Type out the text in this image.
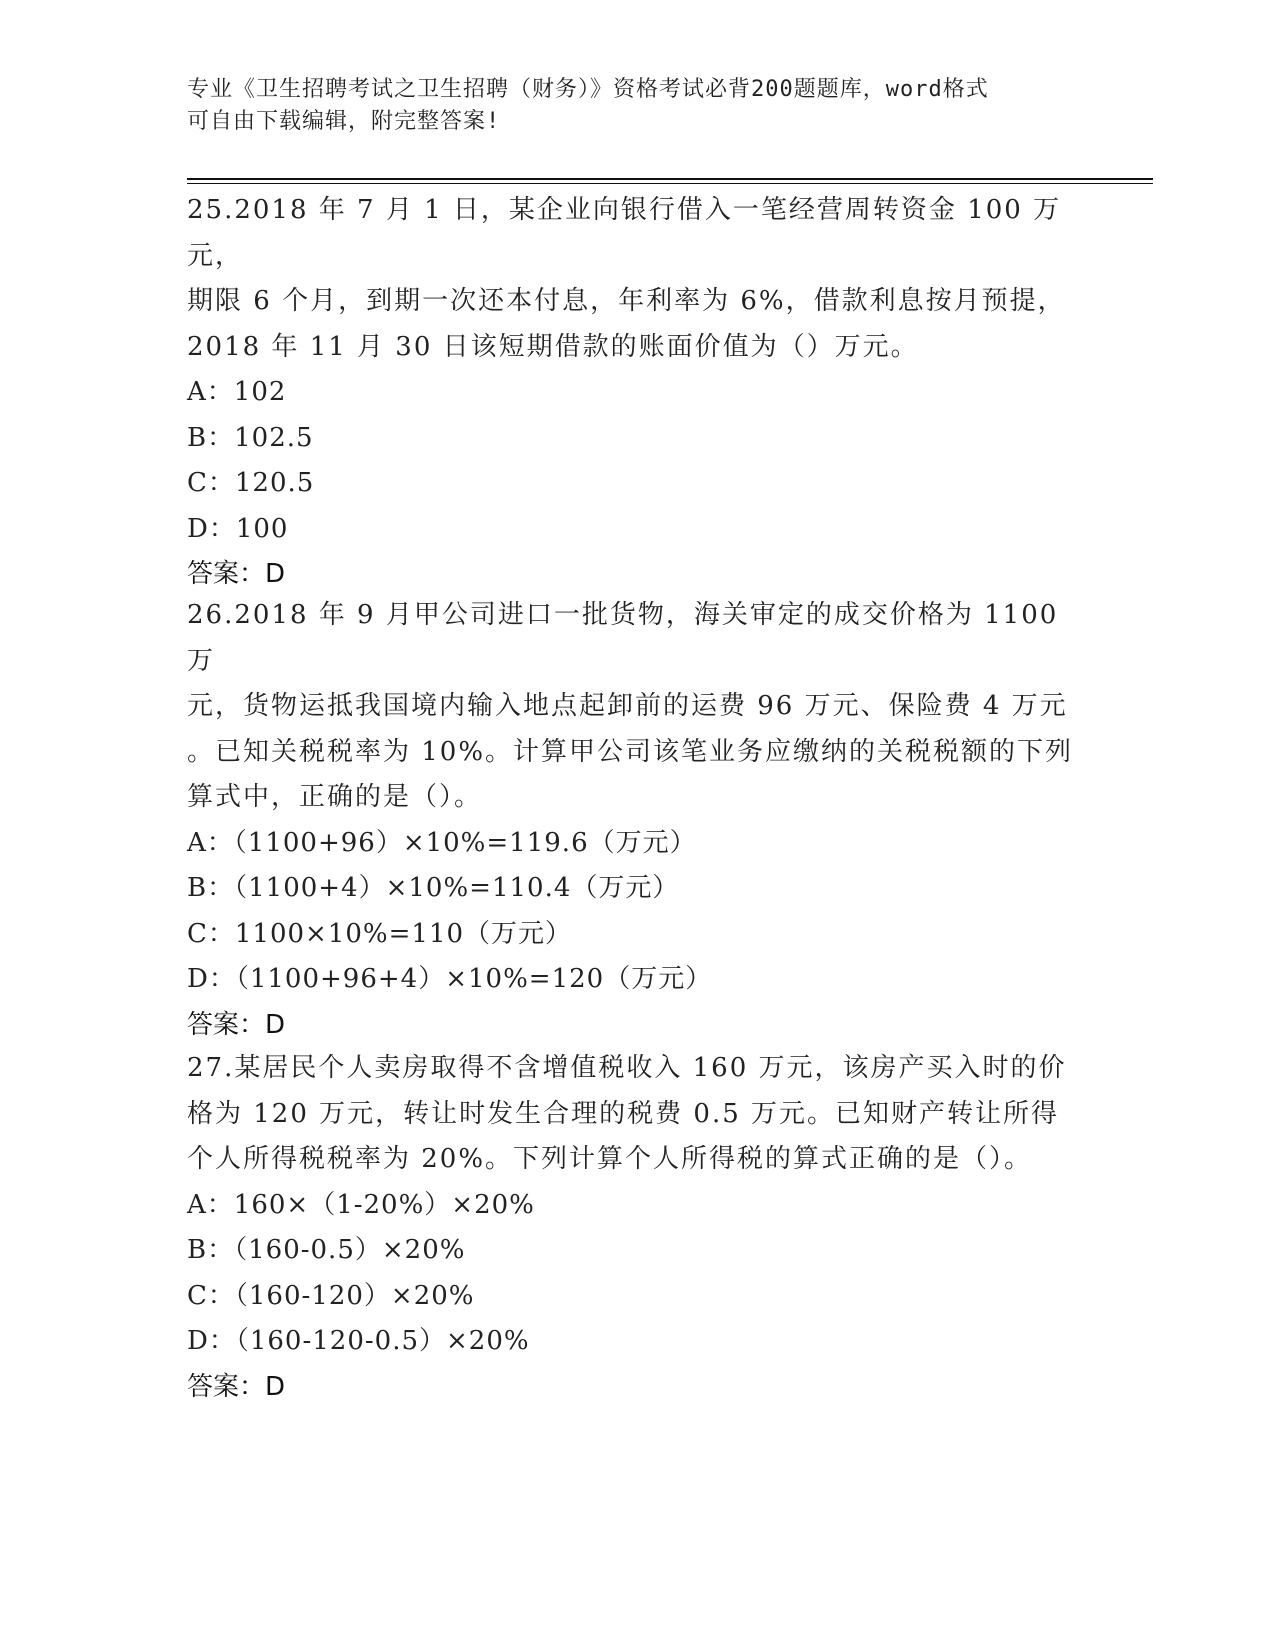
专业《卫生招聘考试之卫生招聘（财务）》资格考试必背200题题库，word格式
可自由下载编辑，附完整答案!

25.2018 年 7 月 1 日，某企业向银行借入一笔经营周转资金 100 万元，

期限 6 个月，到期一次还本付息，年利率为 6%，借款利息按月预提，

2018 年 11 月 30 日该短期借款的账面价值为（）万元。

A：102

B：102.5

C：120.5

D：100

答案：D

26.2018 年 9 月甲公司进口一批货物，海关审定的成交价格为 1100 万

元，货物运抵我国境内输入地点起卸前的运费 96 万元、保险费 4 万元

。已知关税税率为 10%。计算甲公司该笔业务应缴纳的关税税额的下列

算式中，正确的是（）。

A：（1100+96）×10%=119.6（万元）

B：（1100+4）×10%=110.4（万元）

C：1100×10%=110（万元）

D：（1100+96+4）×10%=120（万元）

答案：D

27.某居民个人卖房取得不含增值税收入 160 万元，该房产买入时的价

格为 120 万元，转让时发生合理的税费 0.5 万元。已知财产转让所得

个人所得税税率为 20%。下列计算个人所得税的算式正确的是（）。

A：160×（1-20%）×20%

B：（160-0.5）×20%

C：（160-120）×20%

D：（160-120-0.5）×20%

答案：D
